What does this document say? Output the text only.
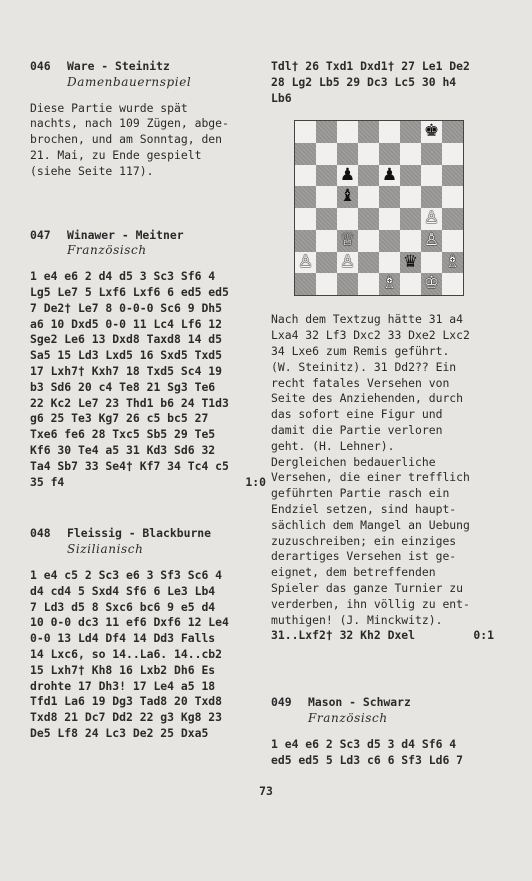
046 Ware - Steinitz
Damenbauernspiel

Diese Partie wurde spät

nachts, nach 109 Zügen, abge-

brochen, und am Sonntag, den

21. Mai, zu Ende gespielt

(siehe Seite 117).

047 Winawer - Meitner
Französisch

1 e4 e6 2 d4 d5 3 Sc3 Sf6 4

Lg5 Le7 5 Lxf6 Lxf6 6 ed5 ed5

7 De2† Le7 8 0-0-0 Sc6 9 Dh5

a6 10 Dxd5 0-0 11 Lc4 Lf6 12

Sge2 Le6 13 Dxd8 Taxd8 14 d5

Sa5 15 Ld3 Lxd5 16 Sxd5 Txd5

17 Lxh7† Kxh7 18 Txd5 Sc4 19

b3 Sd6 20 c4 Te8 21 Sg3 Te6

22 Kc2 Le7 23 Thd1 b6 24 T1d3

g6 25 Te3 Kg7 26 c5 bc5 27

Txe6 fe6 28 Txc5 Sb5 29 Te5

Kf6 30 Te4 a5 31 Kd3 Sd6 32

Ta4 Sb7 33 Se4† Kf7 34 Tc4 c5

35 f4	1:0
048 Fleissig - Blackburne
Sizilianisch

1 e4 c5 2 Sc3 e6 3 Sf3 Sc6 4

d4 cd4 5 Sxd4 Sf6 6 Le3 Lb4

7 Ld3 d5 8 Sxc6 bc6 9 e5 d4

10 0-0 dc3 11 ef6 Dxf6 12 Le4

0-0 13 Ld4 Df4 14 Dd3 Falls

14 Lxc6, so 14..La6. 14..cb2

15 Lxh7† Kh8 16 Lxb2 Dh6 Es

drohte 17 Dh3! 17 Le4 a5 18

Tfd1 La6 19 Dg3 Tad8 20 Txd8

Txd8 21 Dc7 Dd2 22 g3 Kg8 23

De5 Lf8 24 Lc3 De2 25 Dxa5

Tdl† 26 Txd1 Dxd1† 27 Le1 De2

28 Lg2 Lb5 29 Dc3 Lc5 30 h4

Lb6

Nach dem Textzug hätte 31 a4

Lxa4 32 Lf3 Dxc2 33 Dxe2 Lxc2

34 Lxe6 zum Remis geführt.

(W. Steinitz). 31 Dd2?? Ein

recht fatales Versehen von

Seite des Anziehenden, durch

das sofort eine Figur und

damit die Partie verloren

geht. (H. Lehner).

Dergleichen bedauerliche

Versehen, die einer trefflich

geführten Partie rasch ein

Endziel setzen, sind haupt-

sächlich dem Mangel an Uebung

zuzuschreiben; ein einziges

derartiges Versehen ist ge-

eignet, dem betreffenden

Spieler das ganze Turnier zu

verderben, ihn völlig zu ent-

muthigen! (J. Minckwitz).

31..Lxf2† 32 Kh2 Dxel	0:1
049 Mason - Schwarz
Französisch

1 e4 e6 2 Sc3 d5 3 d4 Sf6 4

ed5 ed5 5 Ld3 c6 6 Sf3 Ld6 7

♚
♟ ♟
♝
♙
♕	♙
♙ ♙	♛ ♗
♗ ♔
73
